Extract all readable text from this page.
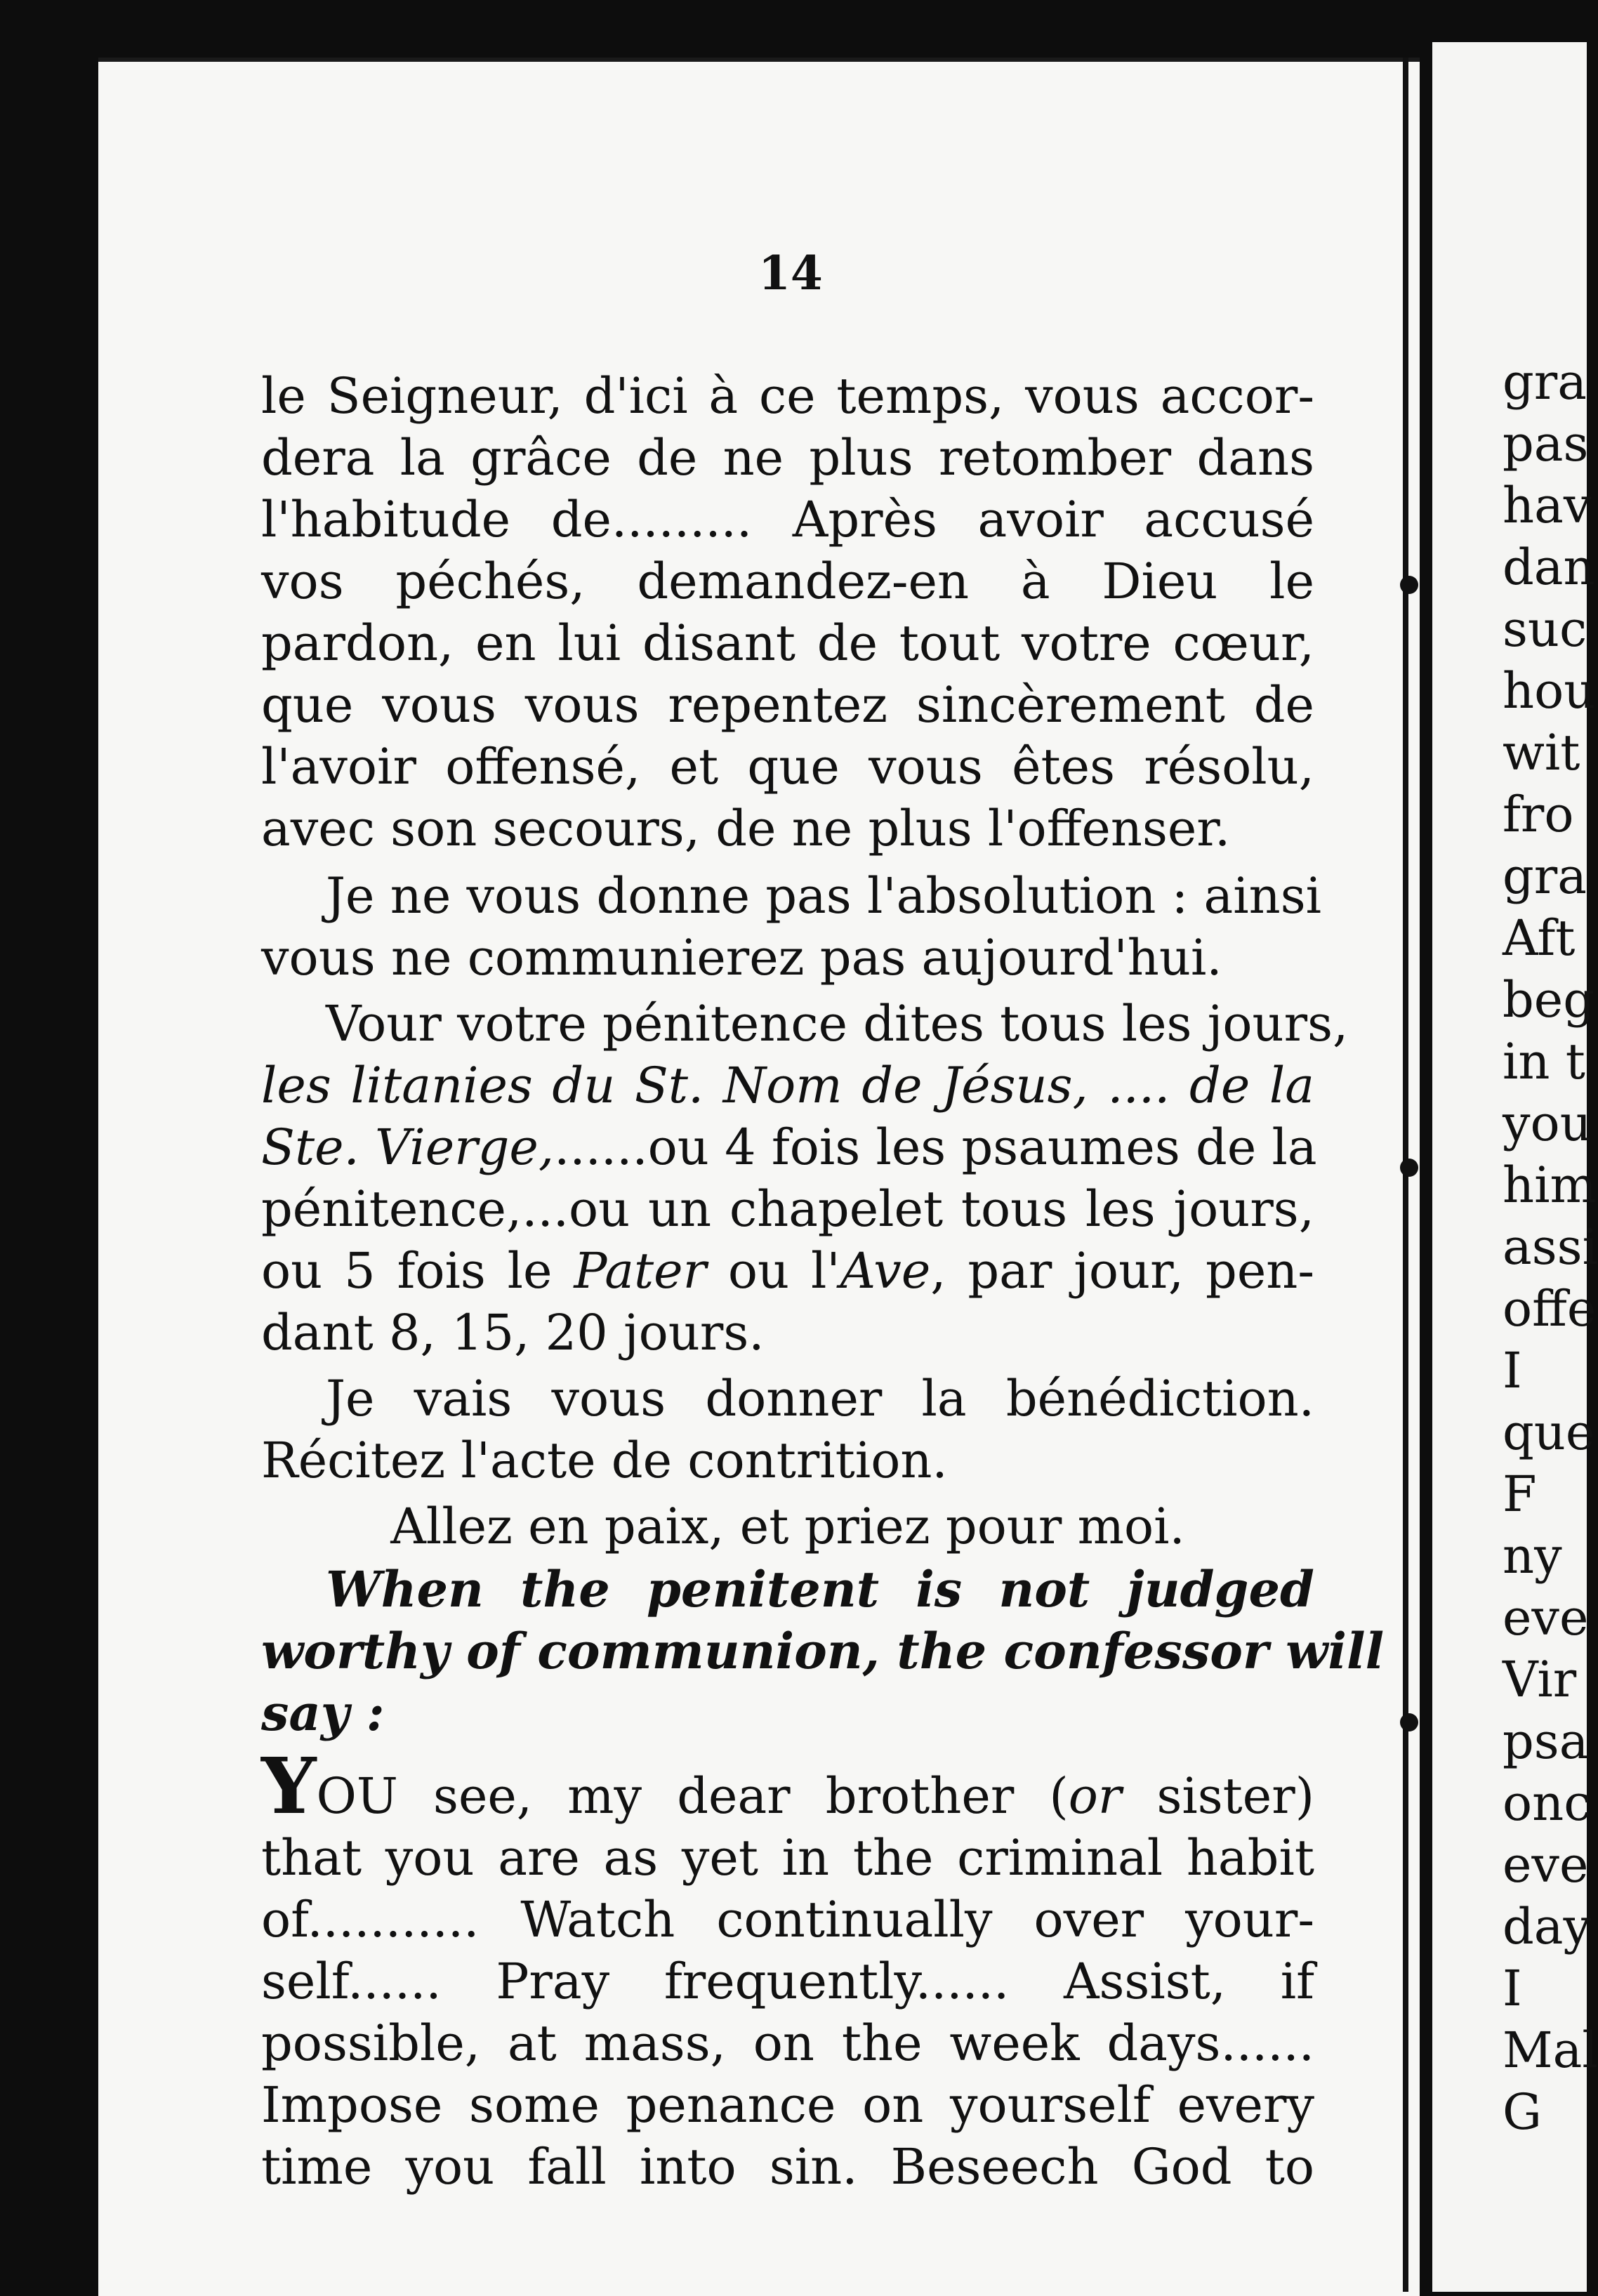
14
le Seigneur, d'ici à ce temps, vous accor-
dera la grâce de ne plus retomber dans
l'habitude de......... Après avoir accusé
vos péchés, demandez-en à Dieu le
pardon, en lui disant de tout votre cœur,
que vous vous repentez sincèrement de
l'avoir offensé, et que vous êtes résolu,
avec son secours, de ne plus l'offenser.
Je ne vous donne pas l'absolution : ainsi
vous ne communierez pas aujourd'hui.
Vour votre pénitence dites tous les jours,
les litanies du St. Nom de Jésus, .... de la
Ste. Vierge,......ou 4 fois les psaumes de la
pénitence,...ou un chapelet tous les jours,
ou 5 fois le Pater ou l'Ave, par jour, pen-
dant 8, 15, 20 jours.
Je vais vous donner la bénédiction.
Récitez l'acte de contrition.
Allez en paix, et priez pour moi.
When the penitent is not judged
worthy of communion, the confessor will
say :
YOU see, my dear brother (or sister)
that you are as yet in the criminal habit
of........... Watch continually over your-
self...... Pray frequently...... Assist, if
possible, at mass, on the week days......
Impose some penance on yourself every
time you fall into sin. Beseech God to
gra
pas
hav
dan
suc
hou
wit
fro
gra
Aft
beg
in t
you
him
assi
offe
I
que
F
ny
eve
Vir
psa
onc
eve
day
I
Mal
G
